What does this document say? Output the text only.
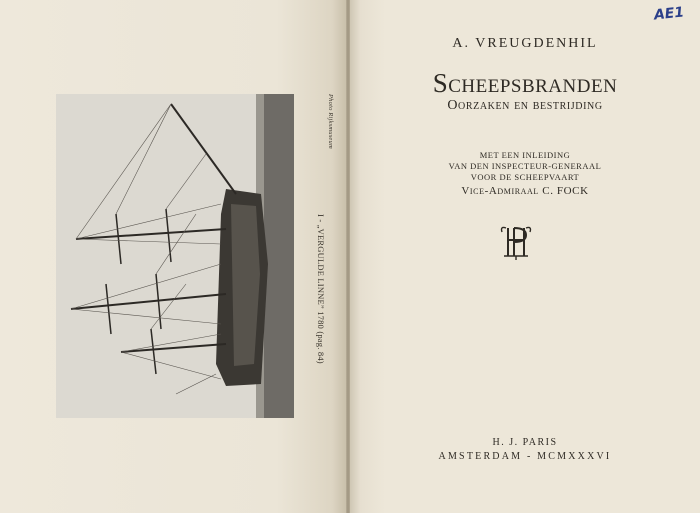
I - „VERGULDE LINNE” 1780 (pag. 84)
Photo Rijksmuseum
AE1
A. VREUGDENHIL
Scheepsbranden
Oorzaken en bestrijding
MET EEN INLEIDING
VAN DEN INSPECTEUR-GENERAAL
VOOR DE SCHEEPVAART
Vice-Admiraal C. FOCK
H. J. PARIS
AMSTERDAM - MCMXXXVI
